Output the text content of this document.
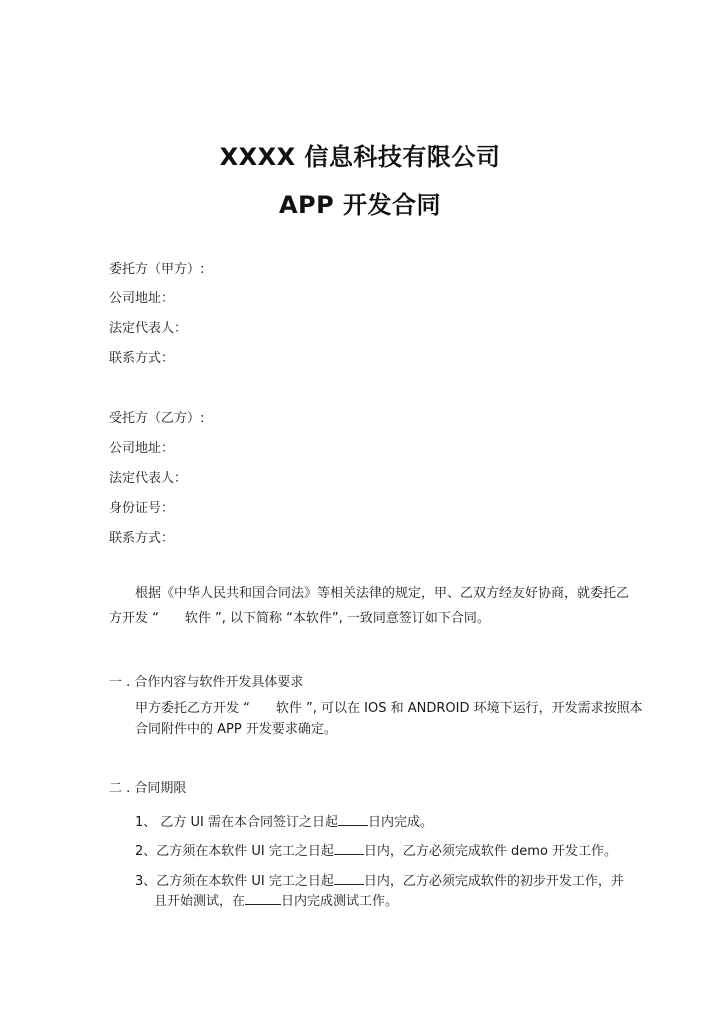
XXXX 信息科技有限公司
APP 开发合同
委托方（甲方）:
公司地址：
法定代表人：
联系方式：
受托方（乙方）:
公司地址：
法定代表人：
身份证号：
联系方式：
根据《中华人民共和国合同法》等相关法律的规定，甲、乙双方经友好协商，就委托乙
方开发 “ 软件 ”, 以下简称 “本软件”, 一致同意签订如下合同。
一 . 合作内容与软件开发具体要求
甲方委托乙方开发 “ 软件 ”, 可以在 IOS 和 ANDROID 环境下运行，开发需求按照本
合同附件中的 APP 开发要求确定。
二 . 合同期限
1、 乙方 UI 需在本合同签订之日起 日内完成。
2、乙方须在本软件 UI 完工之日起 日内，乙方必须完成软件 demo 开发工作。
3、乙方须在本软件 UI 完工之日起 日内，乙方必须完成软件的初步开发工作，并
且开始测试，在	日内完成测试工作。
